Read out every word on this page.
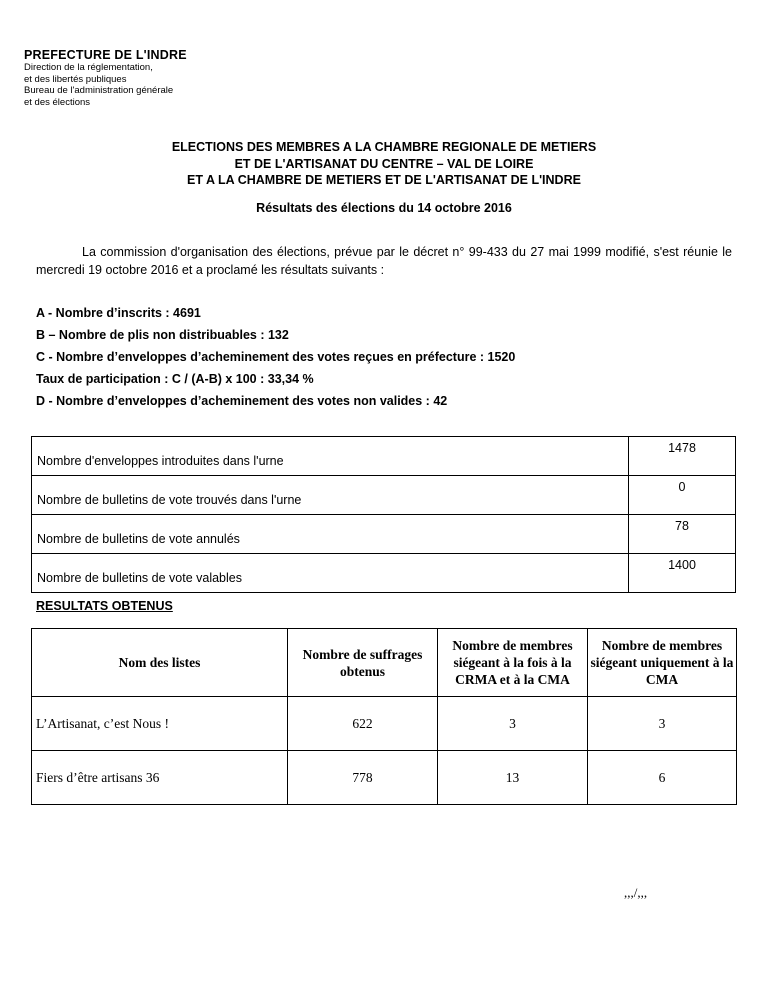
PREFECTURE DE L'INDRE
Direction de la réglementation,
et des libertés publiques
Bureau de l'administration générale
et des élections
ELECTIONS DES MEMBRES A LA CHAMBRE REGIONALE DE METIERS
ET DE L'ARTISANAT DU CENTRE – VAL DE LOIRE
ET A LA CHAMBRE DE METIERS ET DE L'ARTISANAT DE L'INDRE
Résultats des élections du 14 octobre 2016
La commission d'organisation des élections, prévue par le décret n° 99-433 du 27 mai 1999 modifié, s'est réunie le mercredi 19 octobre 2016 et a proclamé les résultats suivants :
A - Nombre d’inscrits : 4691
B – Nombre de plis non distribuables : 132
C - Nombre d’enveloppes d’acheminement des votes reçues en préfecture : 1520
Taux de participation : C / (A-B) x 100 : 33,34 %
D - Nombre d’enveloppes d’acheminement des votes non valides : 42
Nombre d'enveloppes introduites dans l'urne	1478
Nombre de bulletins de vote trouvés dans l'urne	0
Nombre de bulletins de vote annulés	78
Nombre de bulletins de vote valables	1400
RESULTATS OBTENUS
Nom des listes	Nombre de suffrages obtenus	Nombre de membres siégeant à la fois à la CRMA et à la CMA	Nombre de membres siégeant uniquement à la CMA
L’Artisanat, c’est Nous !	622	3	3
Fiers d’être artisans 36	778	13	6
,,,/,,,
